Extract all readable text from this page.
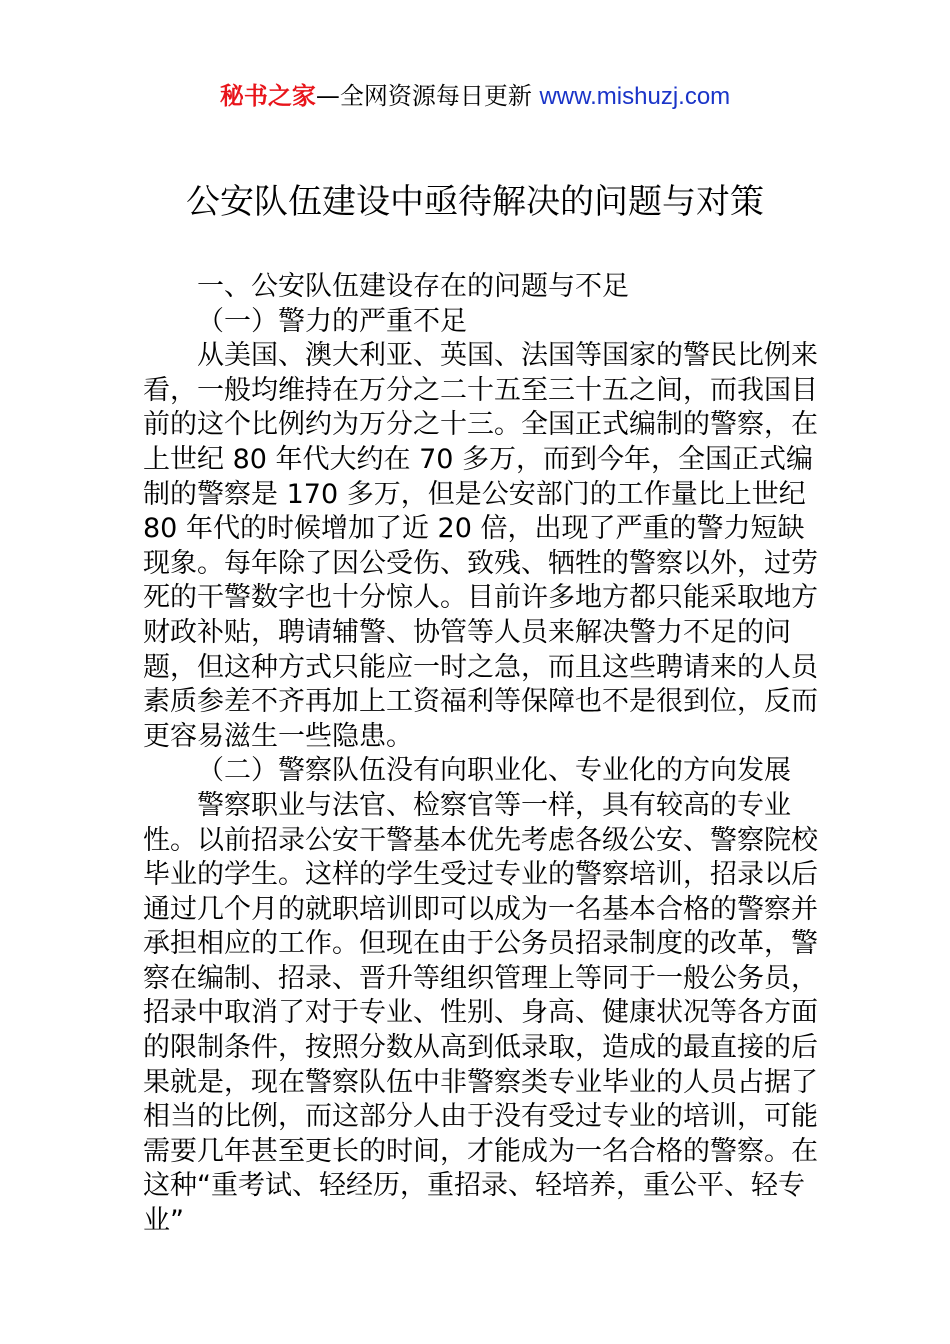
秘书之家—全网资源每日更新 www.mishuzj.com
公安队伍建设中亟待解决的问题与对策

一、公安队伍建设存在的问题与不足

（一）警力的严重不足

从美国、澳大利亚、英国、法国等国家的警民比例来看，一般均维持在万分之二十五至三十五之间，而我国目前的这个比例约为万分之十三。全国正式编制的警察，在上世纪 80 年代大约在 70 多万，而到今年，全国正式编制的警察是 170 多万，但是公安部门的工作量比上世纪 80 年代的时候增加了近 20 倍，出现了严重的警力短缺现象。每年除了因公受伤、致残、牺牲的警察以外，过劳死的干警数字也十分惊人。目前许多地方都只能采取地方财政补贴，聘请辅警、协管等人员来解决警力不足的问题，但这种方式只能应一时之急，而且这些聘请来的人员素质参差不齐再加上工资福利等保障也不是很到位，反而更容易滋生一些隐患。

（二）警察队伍没有向职业化、专业化的方向发展

警察职业与法官、检察官等一样，具有较高的专业性。以前招录公安干警基本优先考虑各级公安、警察院校毕业的学生。这样的学生受过专业的警察培训，招录以后通过几个月的就职培训即可以成为一名基本合格的警察并承担相应的工作。但现在由于公务员招录制度的改革，警察在编制、招录、晋升等组织管理上等同于一般公务员，招录中取消了对于专业、性别、身高、健康状况等各方面的限制条件，按照分数从高到低录取，造成的最直接的后果就是，现在警察队伍中非警察类专业毕业的人员占据了相当的比例，而这部分人由于没有受过专业的培训，可能需要几年甚至更长的时间，才能成为一名合格的警察。在这种“重考试、轻经历，重招录、轻培养，重公平、轻专业”
